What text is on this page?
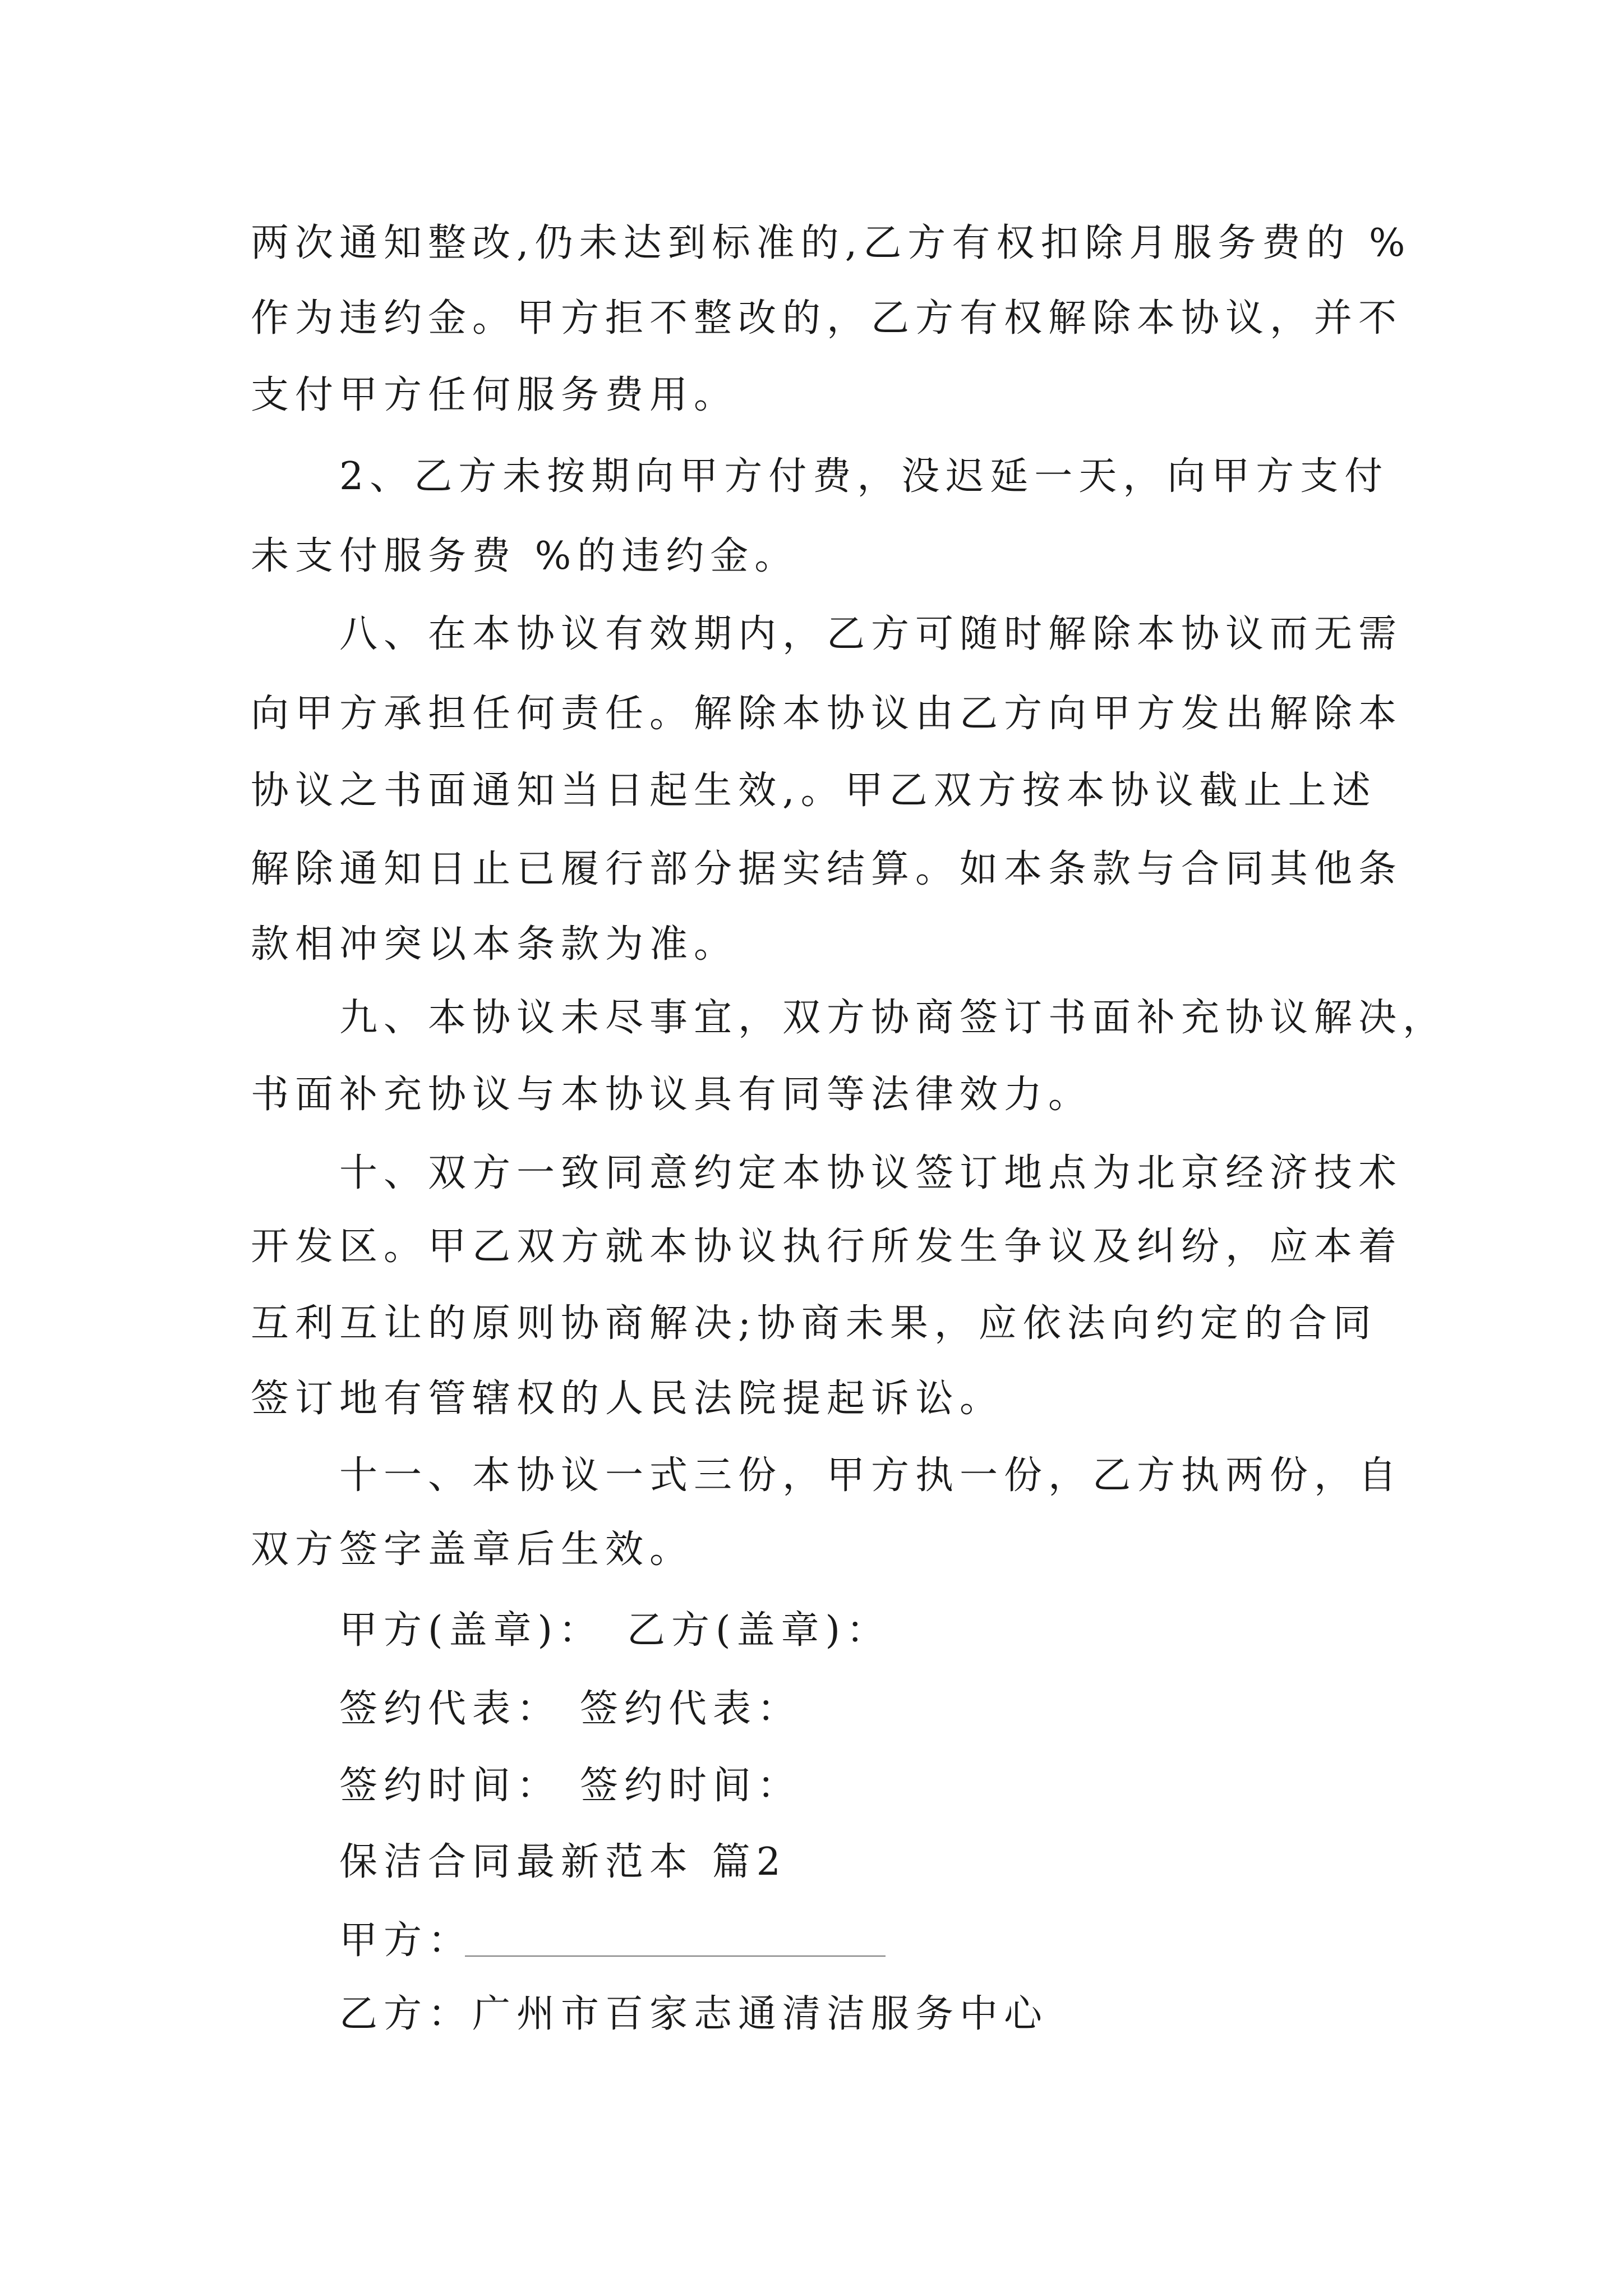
两次通知整改,仍未达到标准的,乙方有权扣除月服务费的 %
作为违约金。甲方拒不整改的，乙方有权解除本协议，并不
支付甲方任何服务费用。
2、乙方未按期向甲方付费，没迟延一天，向甲方支付
未支付服务费 %的违约金。
八、在本协议有效期内，乙方可随时解除本协议而无需
向甲方承担任何责任。解除本协议由乙方向甲方发出解除本
协议之书面通知当日起生效,。甲乙双方按本协议截止上述
解除通知日止已履行部分据实结算。如本条款与合同其他条
款相冲突以本条款为准。
九、本协议未尽事宜，双方协商签订书面补充协议解决，
书面补充协议与本协议具有同等法律效力。
十、双方一致同意约定本协议签订地点为北京经济技术
开发区。甲乙双方就本协议执行所发生争议及纠纷，应本着
互利互让的原则协商解决;协商未果，应依法向约定的合同
签订地有管辖权的人民法院提起诉讼。
十一、本协议一式三份，甲方执一份，乙方执两份，自
双方签字盖章后生效。
甲方(盖章)： 乙方(盖章)：
签约代表： 签约代表：
签约时间： 签约时间：
保洁合同最新范本 篇2
甲方：
乙方：广州市百家志通清洁服务中心
